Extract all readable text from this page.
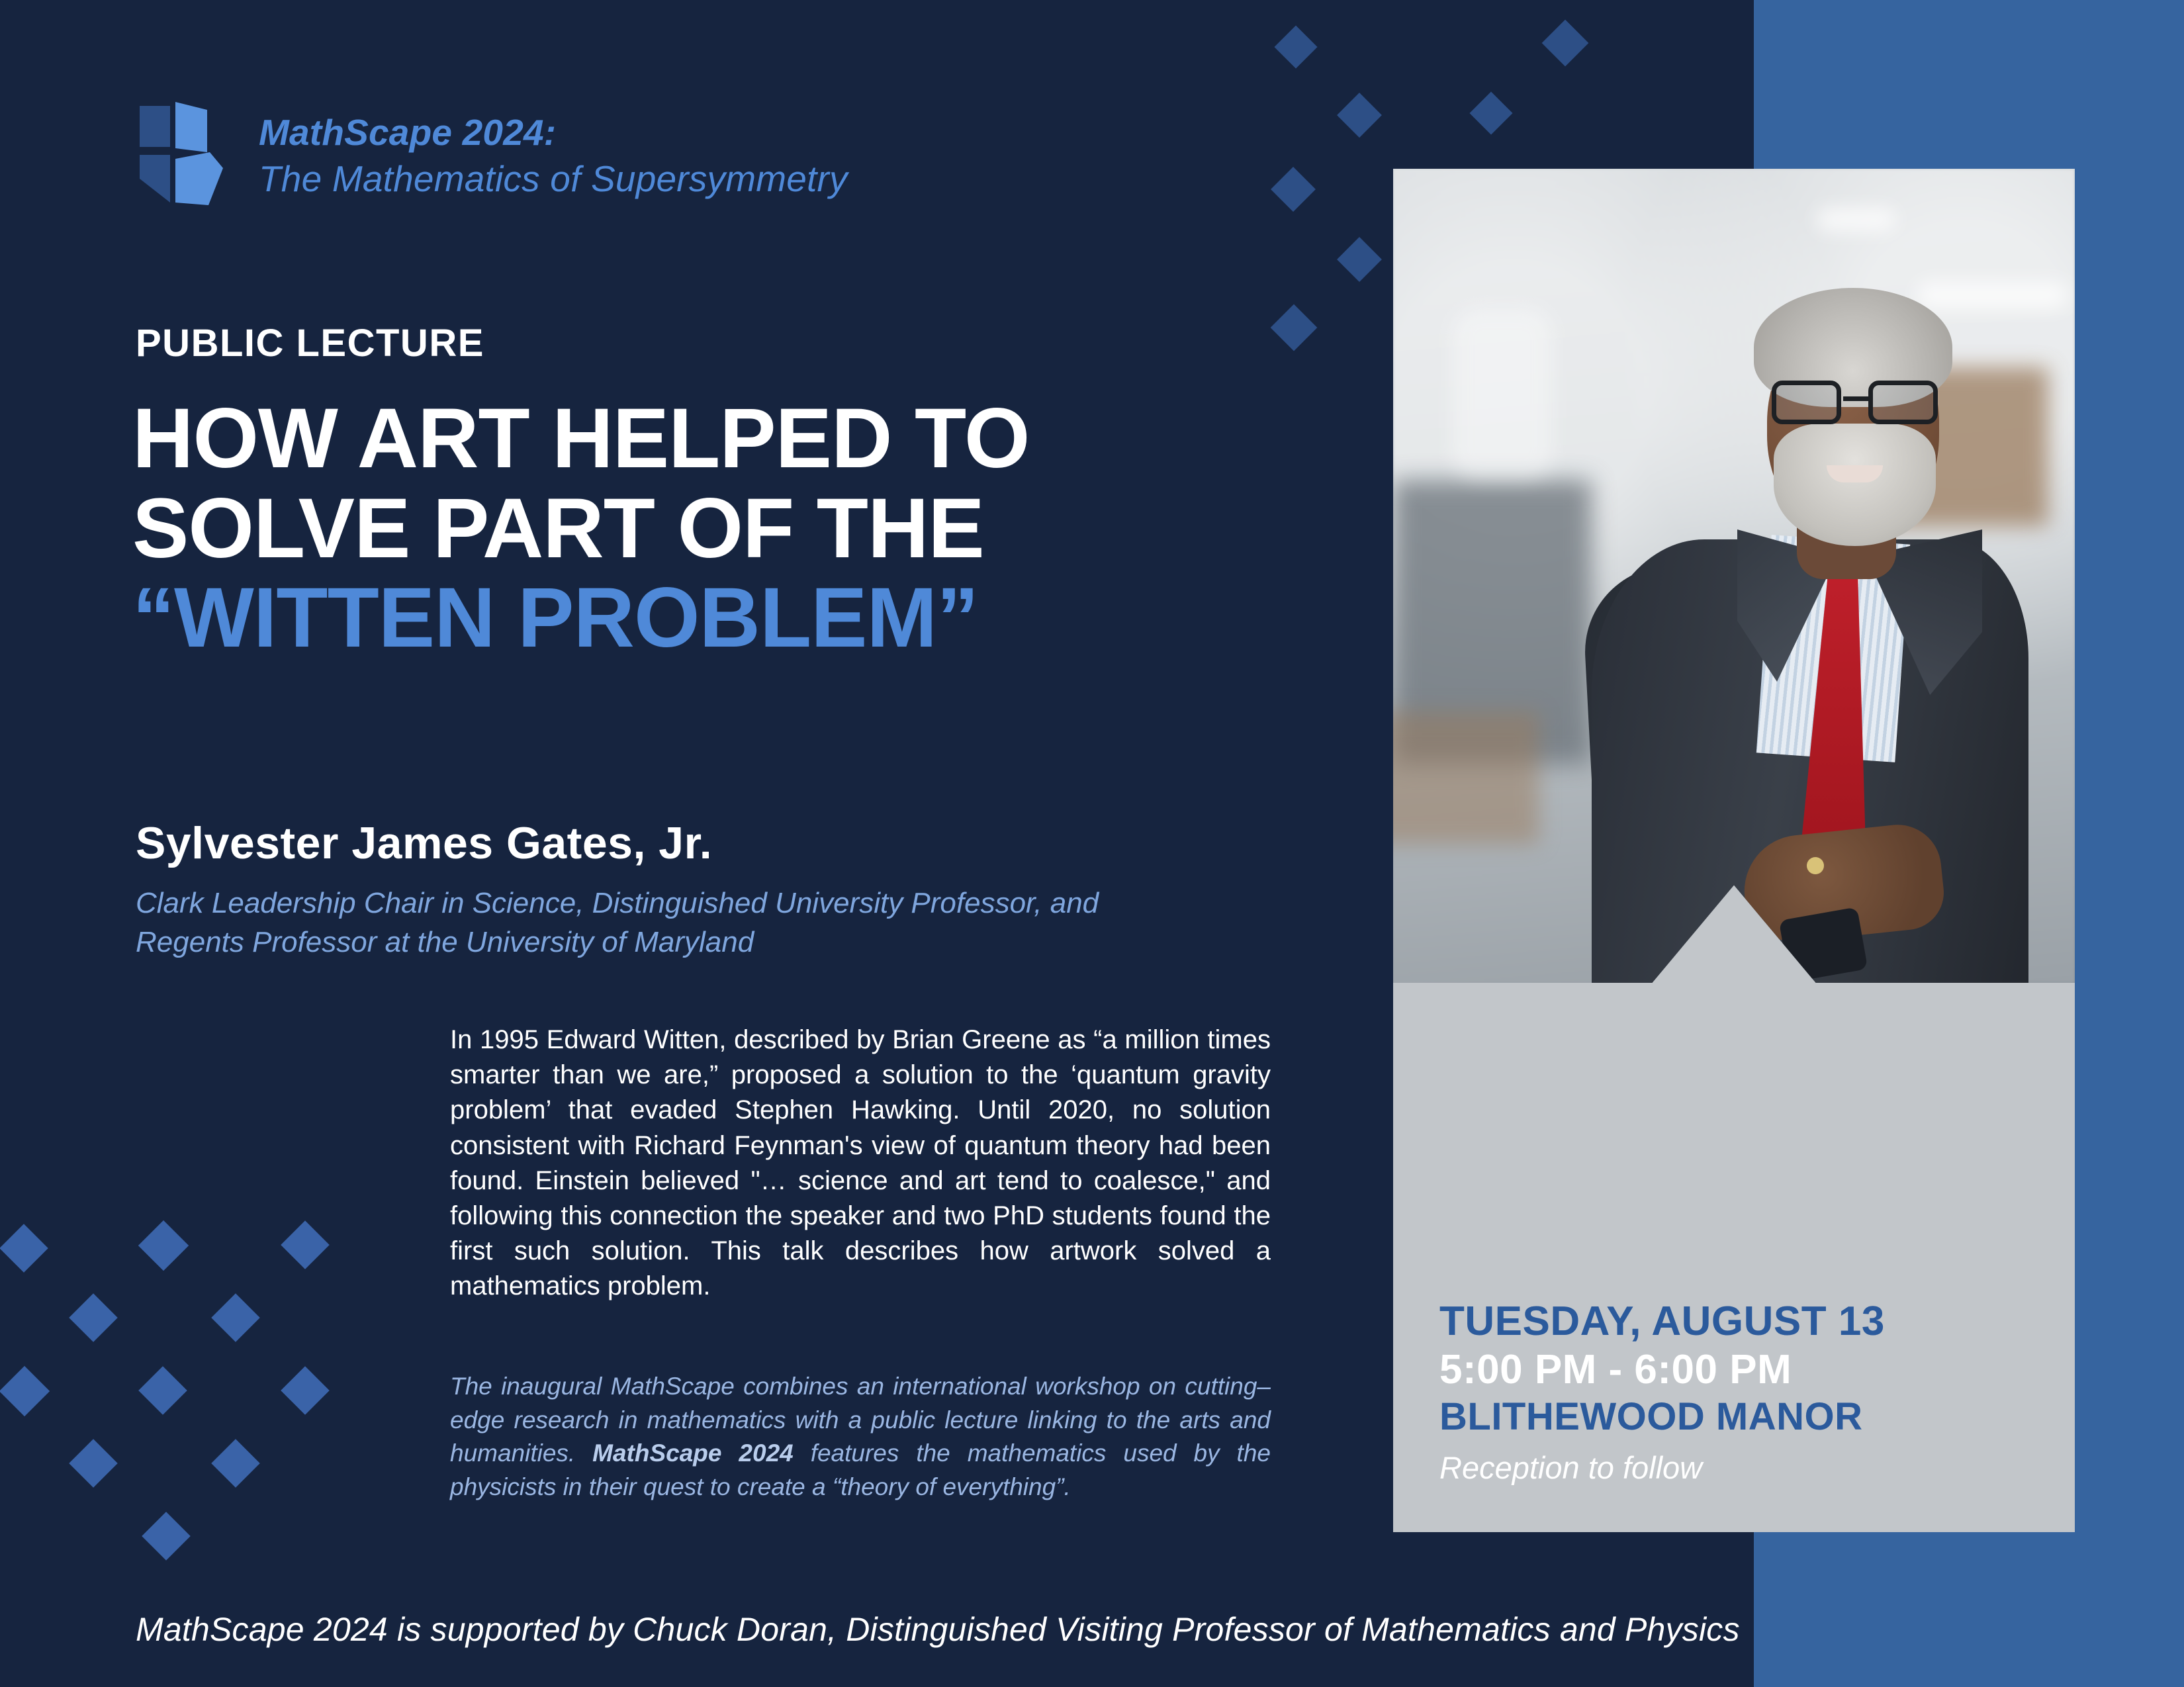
MathScape 2024:
The Mathematics of Supersymmetry
PUBLIC LECTURE
HOW ART HELPED TO
SOLVE PART OF THE
“WITTEN PROBLEM”
Sylvester James Gates, Jr.
Clark Leadership Chair in Science, Distinguished University Professor, and Regents Professor at the University of Maryland
In 1995 Edward Witten, described by Brian Greene as “a million times smarter than we are,” proposed a solution to the ‘quantum gravity problem’ that evaded Stephen Hawking. Until 2020, no solution consistent with Richard Feynman's view of quantum theory had been found. Einstein believed "… science and art tend to coalesce," and following this connection the speaker and two PhD students found the first such solution. This talk describes how artwork solved a mathematics problem.
The inaugural MathScape combines an international workshop on cutting–edge research in mathematics with a public lecture linking to the arts and humanities. MathScape 2024 features the mathematics used by the physicists in their quest to create a “theory of everything”.
TUESDAY, AUGUST 13
5:00 PM - 6:00 PM
BLITHEWOOD MANOR
Reception to follow
MathScape 2024 is supported by Chuck Doran, Distinguished Visiting Professor of Mathematics and Physics
